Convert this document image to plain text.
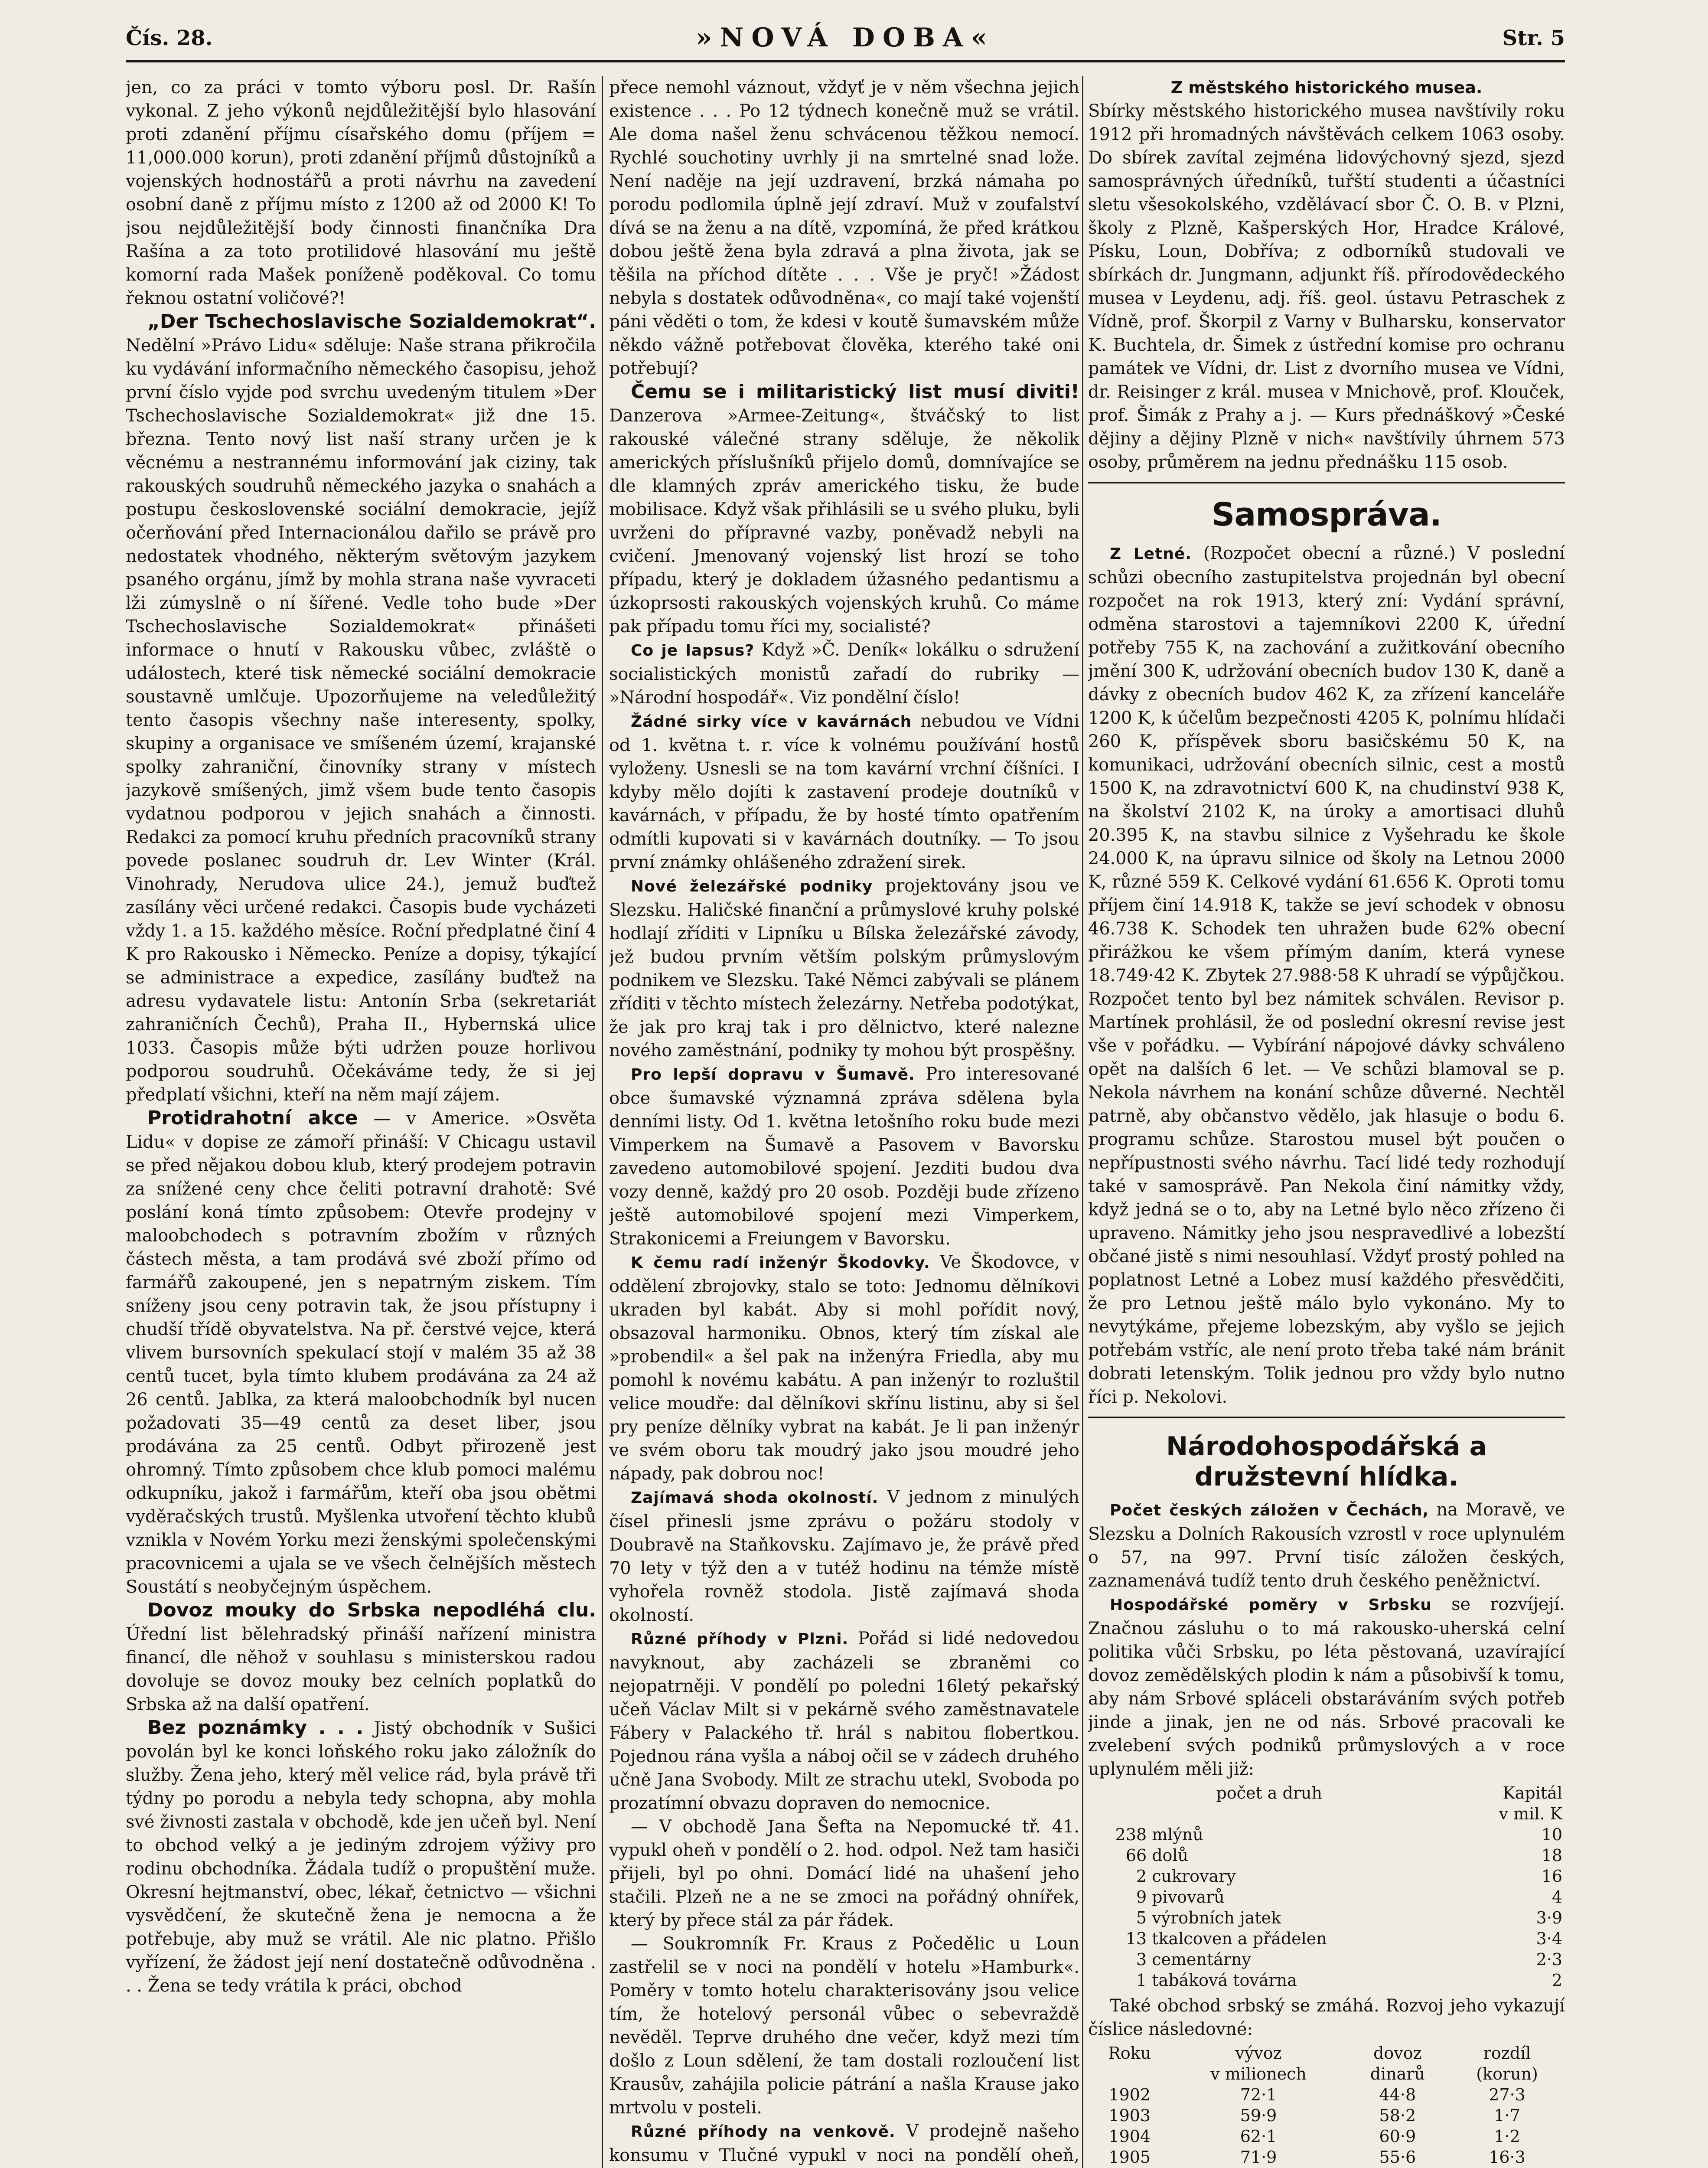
Čís. 28.	»NOVÁ DOBA«	Str. 5

jen, co za práci v tomto výboru posl. Dr. Rašín vykonal. Z jeho výkonů nejdůležitější bylo hlasování proti zdanění příjmu císařského domu (příjem = 11,000.000 korun), proti zdanění příjmů důstojníků a vojenských hodnostářů a proti návrhu na zavedení osobní daně z příjmu místo z 1200 až od 2000 K! To jsou nejdůležitější body činnosti finančníka Dra Rašína a za toto protilidové hlasování mu ještě komorní rada Mašek poníženě poděkoval. Co tomu řeknou ostatní voličové?!

„Der Tschechoslavische Sozialdemokrat“. Nedělní »Právo Lidu« sděluje: Naše strana přikročila ku vydávání informačního německého časopisu, jehož první číslo vyjde pod svrchu uvedeným titulem »Der Tschechoslavische Sozialdemokrat« již dne 15. března. Tento nový list naší strany určen je k věcnému a nestrannému informování jak ciziny, tak rakouských soudruhů německého jazyka o snahách a postupu československé sociální demokracie, jejíž očerňování před Internacionálou dařilo se právě pro nedostatek vhodného, některým světovým jazykem psaného orgánu, jímž by mohla strana naše vyvraceti lži zúmyslně o ní šířené. Vedle toho bude »Der Tschechoslavische Sozialdemokrat« přinášeti informace o hnutí v Rakousku vůbec, zvláště o událostech, které tisk německé sociální demokracie soustavně umlčuje. Upozorňujeme na veledůležitý tento časopis všechny naše interesenty, spolky, skupiny a organisace ve smíšeném území, krajanské spolky zahraniční, činovníky strany v místech jazykově smíšených, jimž všem bude tento časopis vydatnou podporou v jejich snahách a činnosti. Redakci za pomocí kruhu předních pracovníků strany povede poslanec soudruh dr. Lev Winter (Král. Vinohrady, Nerudova ulice 24.), jemuž buďtež zasílány věci určené redakci. Časopis bude vycházeti vždy 1. a 15. každého měsíce. Roční předplatné činí 4 K pro Rakousko i Německo. Peníze a dopisy, týkající se administrace a expedice, zasílány buďtež na adresu vydavatele listu: Antonín Srba (sekretariát zahraničních Čechů), Praha II., Hybernská ulice 1033. Časopis může býti udržen pouze horlivou podporou soudruhů. Očekáváme tedy, že si jej předplatí všichni, kteří na něm mají zájem.

Protidrahotní akce — v Americe. »Osvěta Lidu« v dopise ze zámoří přináší: V Chicagu ustavil se před nějakou dobou klub, který prodejem potravin za snížené ceny chce čeliti potravní drahotě: Své poslání koná tímto způsobem: Otevře prodejny v maloobchodech s potravním zbožím v různých částech města, a tam prodává své zboží přímo od farmářů zakoupené, jen s nepatrným ziskem. Tím sníženy jsou ceny potravin tak, že jsou přístupny i chudší třídě obyvatelstva. Na př. čerstvé vejce, která vlivem bursovních spekulací stojí v malém 35 až 38 centů tucet, byla tímto klubem prodávána za 24 až 26 centů. Jablka, za která maloobchodník byl nucen požadovati 35—49 centů za deset liber, jsou prodávána za 25 centů. Odbyt přirozeně jest ohromný. Tímto způsobem chce klub pomoci malému odkupníku, jakož i farmářům, kteří oba jsou obětmi vyděračských trustů. Myšlenka utvoření těchto klubů vznikla v Novém Yorku mezi ženskými společenskými pracovnicemi a ujala se ve všech čelnějších městech Soustátí s neobyčejným úspěchem.

Dovoz mouky do Srbska nepodléhá clu. Úřední list bělehradský přináší nařízení ministra financí, dle něhož v souhlasu s ministerskou radou dovoluje se dovoz mouky bez celních poplatků do Srbska až na další opatření.

Bez poznámky . . . Jistý obchodník v Sušici povolán byl ke konci loňského roku jako záložník do služby. Žena jeho, který měl velice rád, byla právě tři týdny po porodu a nebyla tedy schopna, aby mohla své živnosti zastala v obchodě, kde jen učeň byl. Není to obchod velký a je jediným zdrojem výživy pro rodinu obchodníka. Žádala tudíž o propuštění muže. Okresní hejtmanství, obec, lékař, četnictvo — všichni vysvědčení, že skutečně žena je nemocna a že potřebuje, aby muž se vrátil. Ale nic platno. Přišlo vyřízení, že žádost její není dostatečně odůvodněna . . . Žena se tedy vrátila k práci, obchod

přece nemohl váznout, vždyť je v něm všechna jejich existence . . . Po 12 týdnech konečně muž se vrátil. Ale doma našel ženu schvácenou těžkou nemocí. Rychlé souchotiny uvrhly ji na smrtelné snad lože. Není naděje na její uzdravení, brzká námaha po porodu podlomila úplně její zdraví. Muž v zoufalství dívá se na ženu a na dítě, vzpomíná, že před krátkou dobou ještě žena byla zdravá a plna života, jak se těšila na příchod dítěte . . . Vše je pryč! »Žádost nebyla s dostatek odůvodněna«, co mají také vojenští páni věděti o tom, že kdesi v koutě šumavském může někdo vážně potřebovat člověka, kterého také oni potřebují?

Čemu se i militaristický list musí diviti! Danzerova »Armee-Zeitung«, štváčský to list rakouské válečné strany sděluje, že několik amerických příslušníků přijelo domů, domnívajíce se dle klamných zpráv amerického tisku, že bude mobilisace. Když však přihlásili se u svého pluku, byli uvrženi do přípravné vazby, poněvadž nebyli na cvičení. Jmenovaný vojenský list hrozí se toho případu, který je dokladem úžasného pedantismu a úzkoprsosti rakouských vojenských kruhů. Co máme pak případu tomu říci my, socialisté?

Co je lapsus? Když »Č. Deník« lokálku o sdružení socialistických monistů zařadí do rubriky — »Národní hospodář«. Viz pondělní číslo!

Žádné sirky více v kavárnách nebudou ve Vídni od 1. května t. r. více k volnému používání hostů vyloženy. Usnesli se na tom kavární vrchní číšníci. I kdyby mělo dojíti k zastavení prodeje doutníků v kavárnách, v případu, že by hosté tímto opatřením odmítli kupovati si v kavárnách doutníky. — To jsou první známky ohlášeného zdražení sirek.

Nové železářské podniky projektovány jsou ve Slezsku. Haličské finanční a průmyslové kruhy polské hodlají zříditi v Lipníku u Bílska železářské závody, jež budou prvním větším polským průmyslovým podnikem ve Slezsku. Také Němci zabývali se plánem zříditi v těchto místech železárny. Netřeba podotýkat, že jak pro kraj tak i pro dělnictvo, které nalezne nového zaměstnání, podniky ty mohou být prospěšny.

Pro lepší dopravu v Šumavě. Pro interesované obce šumavské významná zpráva sdělena byla denními listy. Od 1. května letošního roku bude mezi Vimperkem na Šumavě a Pasovem v Bavorsku zavedeno automobilové spojení. Jezditi budou dva vozy denně, každý pro 20 osob. Později bude zřízeno ještě automobilové spojení mezi Vimperkem, Strakonicemi a Freiungem v Bavorsku.

K čemu radí inženýr Škodovky. Ve Škodovce, v oddělení zbrojovky, stalo se toto: Jednomu dělníkovi ukraden byl kabát. Aby si mohl pořídit nový, obsazoval harmoniku. Obnos, který tím získal ale »probendil« a šel pak na inženýra Friedla, aby mu pomohl k novému kabátu. A pan inženýr to rozluštil velice moudře: dal dělníkovi skřínu listinu, aby si šel pry peníze dělníky vybrat na kabát. Je li pan inženýr ve svém oboru tak moudrý jako jsou moudré jeho nápady, pak dobrou noc!

Zajímavá shoda okolností. V jednom z minulých čísel přinesli jsme zprávu o požáru stodoly v Doubravě na Staňkovsku. Zajímavo je, že právě před 70 lety v týž den a v tutéž hodinu na témže místě vyhořela rovněž stodola. Jistě zajímavá shoda okolností.

Různé příhody v Plzni. Pořád si lidé nedovedou navyknout, aby zacházeli se zbraněmi co nejopatrněji. V pondělí po poledni 16letý pekařský učeň Václav Milt si v pekárně svého zaměstnavatele Fábery v Palackého tř. hrál s nabitou flobertkou. Pojednou rána vyšla a náboj očil se v zádech druhého učně Jana Svobody. Milt ze strachu utekl, Svoboda po prozatímní obvazu dopraven do nemocnice.

— V obchodě Jana Šefta na Nepomucké tř. 41. vypukl oheň v pondělí o 2. hod. odpol. Než tam hasiči přijeli, byl po ohni. Domácí lidé na uhašení jeho stačili. Plzeň ne a ne se zmoci na pořádný ohnířek, který by přece stál za pár řádek.

— Soukromník Fr. Kraus z Počedělic u Loun zastřelil se v noci na pondělí v hotelu »Hamburk«. Poměry v tomto hotelu charakterisovány jsou velice tím, že hotelový personál vůbec o sebevraždě nevěděl. Teprve druhého dne večer, když mezi tím došlo z Loun sdělení, že tam dostali rozloučení list Krausův, zahájila policie pátrání a našla Krause jako mrtvolu v posteli.

Různé příhody na venkově. V prodejně našeho konsumu v Tlučné vypukl v noci na pondělí oheň,

Z městského historického musea.

Sbírky městského historického musea navštívily roku 1912 při hromadných návštěvách celkem 1063 osoby. Do sbírek zavítal zejména lidovýchovný sjezd, sjezd samosprávných úředníků, tuřští studenti a účastníci sletu všesokolského, vzdělávací sbor Č. O. B. v Plzni, školy z Plzně, Kašperských Hor, Hradce Králové, Písku, Loun, Dobříva; z odborníků studovali ve sbírkách dr. Jungmann, adjunkt říš. přírodovědeckého musea v Leydenu, adj. říš. geol. ústavu Petraschek z Vídně, prof. Škorpil z Varny v Bulharsku, konservator K. Buchtela, dr. Šimek z ústřední komise pro ochranu památek ve Vídni, dr. List z dvorního musea ve Vídni, dr. Reisinger z král. musea v Mnichově, prof. Klouček, prof. Šimák z Prahy a j. — Kurs přednáškový »České dějiny a dějiny Plzně v nich« navštívily úhrnem 573 osoby, průměrem na jednu přednášku 115 osob.

Samospráva.

Z Letné. (Rozpočet obecní a různé.) V poslední schůzi obecního zastupitelstva projednán byl obecní rozpočet na rok 1913, který zní: Vydání správní, odměna starostovi a tajemníkovi 2200 K, úřední potřeby 755 K, na zachování a zužitkování obecního jmění 300 K, udržování obecních budov 130 K, daně a dávky z obecních budov 462 K, za zřízení kanceláře 1200 K, k účelům bezpečnosti 4205 K, polnímu hlídači 260 K, příspěvek sboru basičskému 50 K, na komunikaci, udržování obecních silnic, cest a mostů 1500 K, na zdravotnictví 600 K, na chudinství 938 K, na školství 2102 K, na úroky a amortisaci dluhů 20.395 K, na stavbu silnice z Vyšehradu ke škole 24.000 K, na úpravu silnice od školy na Letnou 2000 K, různé 559 K. Celkové vydání 61.656 K. Oproti tomu příjem činí 14.918 K, takže se jeví schodek v obnosu 46.738 K. Schodek ten uhražen bude 62% obecní přirážkou ke všem přímým daním, která vynese 18.749·42 K. Zbytek 27.988·58 K uhradí se výpůjčkou. Rozpočet tento byl bez námitek schválen. Revisor p. Martínek prohlásil, že od poslední okresní revise jest vše v pořádku. — Vybírání nápojové dávky schváleno opět na dalších 6 let. — Ve schůzi blamoval se p. Nekola návrhem na konání schůze důverné. Nechtěl patrně, aby občanstvo vědělo, jak hlasuje o bodu 6. programu schůze. Starostou musel být poučen o nepřípustnosti svého návrhu. Tací lidé tedy rozhodují také v samosprávě. Pan Nekola činí námitky vždy, když jedná se o to, aby na Letné bylo něco zřízeno či upraveno. Námitky jeho jsou nespravedlivé a lobezští občané jistě s nimi nesouhlasí. Vždyť prostý pohled na poplatnost Letné a Lobez musí každého přesvědčiti, že pro Letnou ještě málo bylo vykonáno. My to nevytýkáme, přejeme lobezským, aby vyšlo se jejich potřebám vstříc, ale není proto třeba také nám bránit dobrati letenským. Tolik jednou pro vždy bylo nutno říci p. Nekolovi.

Národohospodářská a družstevní hlídka.

Počet českých záložen v Čechách, na Moravě, ve Slezsku a Dolních Rakousích vzrostl v roce uplynulém o 57, na 997. První tisíc záložen českých, zaznamenává tudíž tento druh českého peněžnictví.

Hospodářské poměry v Srbsku se rozvíjejí. Značnou zásluhu o to má rakousko-uherská celní politika vůči Srbsku, po léta pěstovaná, uzavírající dovoz zemědělských plodin k nám a působivší k tomu, aby nám Srbové spláceli obstaráváním svých potřeb jinde a jinak, jen ne od nás. Srbové pracovali ke zvelebení svých podniků průmyslových a v roce uplynulém měli již:

počet a druh		Kapitál
		v mil. K
238	mlýnů	10
66	dolů	18
2	cukrovary	16
9	pivovarů	4
5	výrobních jatek	3·9
13	tkalcoven a přádelen	3·4
3	cementárny	2·3
1	tabáková továrna	2

Také obchod srbský se zmáhá. Rozvoj jeho vykazují číslice následovné:

Roku	vývoz	dovoz	rozdíl
	v milionech	dinarů	(korun)
1902	72·1	44·8	27·3
1903	59·9	58·2	1·7
1904	62·1	60·9	1·2
1905	71·9	55·6	16·3
